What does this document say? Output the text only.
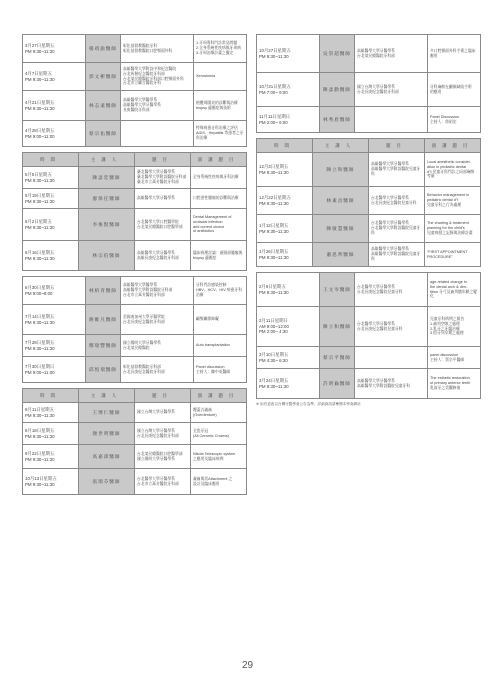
3月27日星期五
PM 9:30~11:30	楊靖渝醫師	彰化基督教醫院牙科
彰化基督教醫院口腔顎面外科	1.牙周專科門診常見問題
2.全身系統性疾病與牙周病
3.牙周治療計畫之擬定
4月7日星期五
PM 9:30~11:30	郭文彬醫師	高雄醫學大學附設中和紀念醫院
台北馬偕紀念醫院牙科部
台北榮民總醫院牙科部口腔顎面外科
台北市立聯合醫院牙科	Xerostomia
4月21日星期五
PM 9:30~11:30	林志遠醫師	高雄醫學大學醫學系
高雄醫學大學牙醫學系
長庚醫院牙科部	植體周圍炎的診斷與治療
biopsy 適應症與技術
4月28日星期五
PM 9:00~11:00	蔡宗佑醫師		特殊病患牙科治療之評估
AIDS、Hepatitis 等患者之牙科治療
時間	主講人	題目	演講題目
5月5日星期五
PM 9:30~11:30	陳彥廷醫師	臺北醫學大學牙醫學系
臺北醫學大學附設醫院牙科部
臺北市立萬芳醫院牙科部	全身系統性疾病與牙科治療
5月19日星期五
PM 9:30~11:30	廖保任醫師	高雄醫學大學牙醫學系	口腔惡性腫瘤的診斷與治療
6月2日星期五
PM 9:30~11:30	李俊賢醫師	台北醫學大學口腔醫學院
台北榮民總醫院口腔醫學部	Dental Management of
orofacial infection
and current choice
of antibiotics
6月16日星期五
PM 9:30~11:30	林宗伯醫師	高雄醫學大學牙醫學系
高雄長庚紀念醫院牙科部	臨床病理討論：頭頸部腫瘤與 biopsy 適應症
6月30日星期五
PM 9:00~8:00	林柏青醫師	高雄醫學大學醫學系
高雄醫學大學附設醫院牙科部
台北市立萬芳醫院牙科部	牙科門診感染控制
HBV、HCV、HIV 病患牙科治療
7月14日星期五
PM 9:30~11:30	蔣維凡醫師	美國南加州大學牙醫學院
台北長庚紀念醫院牙科部	顳顎關節障礙
7月28日星期五
PM 9:30~11:30	鄭瑞豐醫師	國立陽明大學牙醫學系
台北榮民總醫院	Auto transplantation
7月30日星期日
PM 9:00~11:00	邱恆瑞醫師	彰化基督教醫院牙科部
台北長庚紀念醫院牙科部	Panel discussion
主持人：陳中英醫師
時間	主講人	題目	演講題目
8月11日星期五
PM 9:30~11:30	王博仁醫師	國立台灣大學牙醫學系	覆蓋式義齒
(Overdenture)
8月18日星期五
PM 9:30~11:30	顏世明醫師	國立台灣大學牙醫學系
台北長庚紀念醫院牙科部	全瓷牙冠
(All Ceramic Crowns)
9月22日星期五
PM 9:30~11:30	高嘉澤醫師	台北榮民總醫院口腔醫學部
國立陽明大學牙醫學系	Nikola Telescopic system
之應用及臨床病例
10月13日星期五
PM 9:30~11:30	張瑞芬醫師	台北醫學大學牙醫學系
台北市立萬芳醫院牙科部	義齒與其Attachment 之
設計及臨床應用
10月27日星期五
PM 9:30~11:30	吳崇超醫師	高雄醫學大學牙醫學系
台北榮民總醫院牙科部	多口腔顎面外科手術之臨床應用
10月31日星期五
PM 7:00~ 9:00	陳彥勳醫師	國立台灣大學牙醫學系
台北長庚紀念醫院牙科部	牙科麻醉在顱顏缺陷手術
的應用
11月11日星期日
PM 2:00~ 6:00	林秀眉醫師		Panel Discussion
主持人：詹昭宏
時間	主講人	題目	演講題目
12月3日星期五
PM 9:30~11:30	陳立和醫師	高雄醫學大學牙醫學系
高雄醫學大學附設醫院兒童牙科	Local anesthetic consider-
ation in pediatric dental
d"t 兒童牙科門診之局部麻醉
考量
12月22日星期五
PM 9:30~11:30	林素貞醫師	台北醫學大學牙醫學系
台北長庚紀念醫院兒童牙科	Behavior management in
pediatric dental d"t
兒童牙科之行為處理
1月12日星期五
PM 9:30~11:30	陳敏慧醫師	台北醫學大學牙醫學系
台北醫學大學附設醫院兒童牙科	The charting & treatment
planning for the child's
兒童病歷之記錄與治療計畫
1月26日星期五
PM 9:30~11:30	蕭思齊醫師	高雄醫學大學牙醫學系
高雄醫學大學附設醫院兒童牙科	"FIRST APPOINTMENT
PROCEDURE"
2月9日星期五
PM 9:30~11:30	王文岑醫師	台北醫學大學牙醫學系
台北長庚紀念醫院兒童牙科	age-related change in
the dental arch & den-
tition 牙弓及齒列隨年齡之變化
2月11日星期日
AM 9:00~12:00
PM 2:00~ 4:30	陳立和醫師	台北醫學大學牙醫學系
台北長庚紀念醫院兒童牙科	兒童牙科病例之報告
1.齒列空隙之處理
2.乳牙之牙髓治療
3.恆牙列早期之處理
3月10日星期五
PM 4:30~ 6:30	蔡宗平醫師		panel discussion
主持人：蔡宗平醫師
3月24日星期五
PM 9:30~11:30	許明倫醫師	高雄醫學大學牙醫學系
高雄醫學大學附設醫院兒童牙科	The esthetic restoration
of primary anterior teeth
乳前牙之美觀修復
※ 如有更改以台灣牙醫學會公告為準，詳細資訊請參閱本學會網站
29
